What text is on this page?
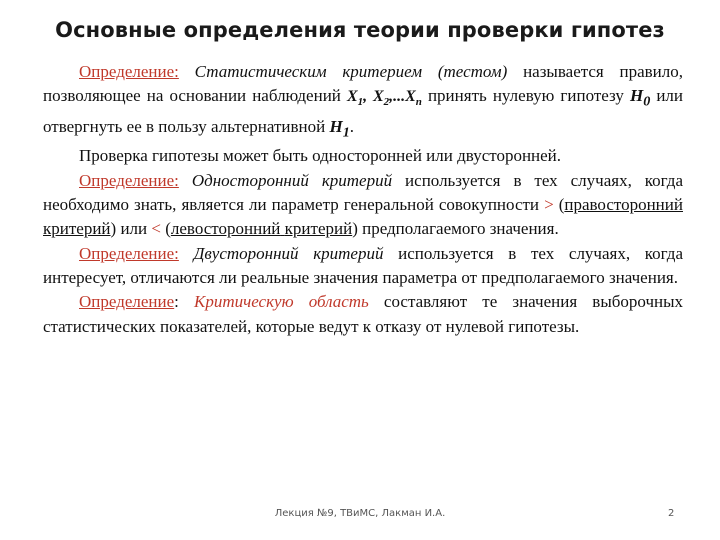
Основные определения теории проверки гипотез

Определение: Статистическим критерием (тестом) называется правило, позволяющее на основании наблюдений $X_1$, $X_2,...X_n$ принять нулевую гипотезу $H_0$ или отвергнуть ее в пользу альтернативной $H_1$.

Проверка гипотезы может быть односторонней или двусторонней.

Определение: Односторонний критерий используется в тех случаях, когда необходимо знать, является ли параметр генеральной совокупности > (правосторонний критерий) или < (левосторонний критерий) предполагаемого значения.

Определение: Двусторонний критерий используется в тех случаях, когда интересует, отличаются ли реальные значения параметра от предполагаемого значения.

Определение: Критическую область составляют те значения выборочных статистических показателей, которые ведут к отказу от нулевой гипотезы.

Лекция №9, ТВиМС, Лакман И.А.	2
